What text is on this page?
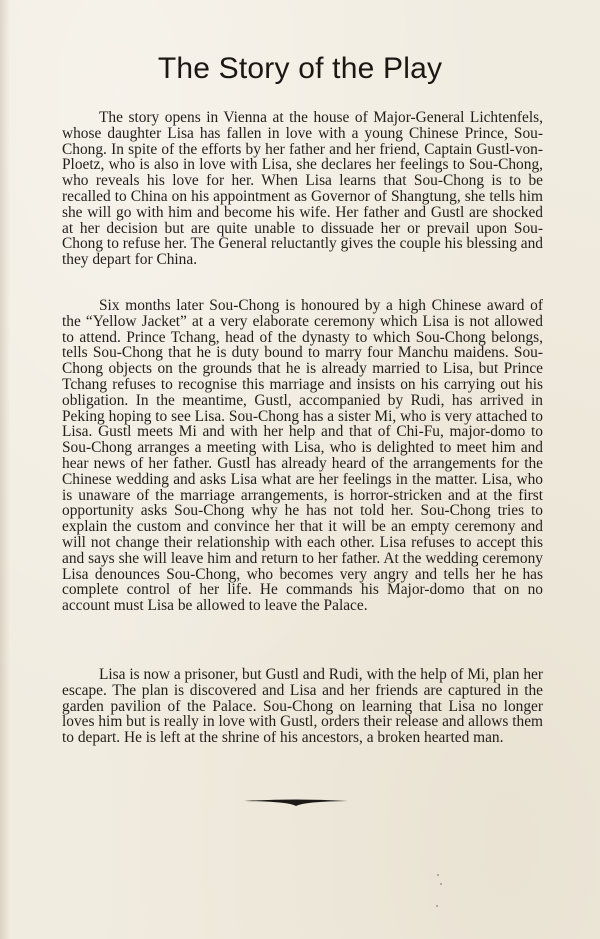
The Story of the Play

The story opens in Vienna at the house of Major-General Lichtenfels, whose daughter Lisa has fallen in love with a young Chinese Prince, Sou-Chong. In spite of the efforts by her father and her friend, Captain Gustl-von-Ploetz, who is also in love with Lisa, she declares her feelings to Sou-Chong, who reveals his love for her. When Lisa learns that Sou-Chong is to be recalled to China on his appointment as Governor of Shangtung, she tells him she will go with him and become his wife. Her father and Gustl are shocked at her decision but are quite unable to dissuade her or prevail upon Sou-Chong to refuse her. The General reluctantly gives the couple his blessing and they depart for China.

Six months later Sou-Chong is honoured by a high Chinese award of the “Yellow Jacket” at a very elaborate ceremony which Lisa is not allowed to attend. Prince Tchang, head of the dynasty to which Sou-Chong belongs, tells Sou-Chong that he is duty bound to marry four Manchu maidens. Sou-Chong objects on the grounds that he is already married to Lisa, but Prince Tchang refuses to recognise this marriage and insists on his carrying out his obligation. In the meantime, Gustl, accompanied by Rudi, has arrived in Peking hoping to see Lisa. Sou-Chong has a sister Mi, who is very attached to Lisa. Gustl meets Mi and with her help and that of Chi-Fu, major-domo to Sou-Chong arranges a meeting with Lisa, who is delighted to meet him and hear news of her father. Gustl has already heard of the arrangements for the Chinese wedding and asks Lisa what are her feelings in the matter. Lisa, who is unaware of the marriage arrangements, is horror-stricken and at the first opportunity asks Sou-Chong why he has not told her. Sou-Chong tries to explain the custom and convince her that it will be an empty ceremony and will not change their relationship with each other. Lisa refuses to accept this and says she will leave him and return to her father. At the wedding ceremony Lisa denounces Sou-Chong, who becomes very angry and tells her he has complete control of her life. He commands his Major-domo that on no account must Lisa be allowed to leave the Palace.

Lisa is now a prisoner, but Gustl and Rudi, with the help of Mi, plan her escape. The plan is discovered and Lisa and her friends are captured in the garden pavilion of the Palace. Sou-Chong on learning that Lisa no longer loves him but is really in love with Gustl, orders their release and allows them to depart. He is left at the shrine of his ancestors, a broken hearted man.
